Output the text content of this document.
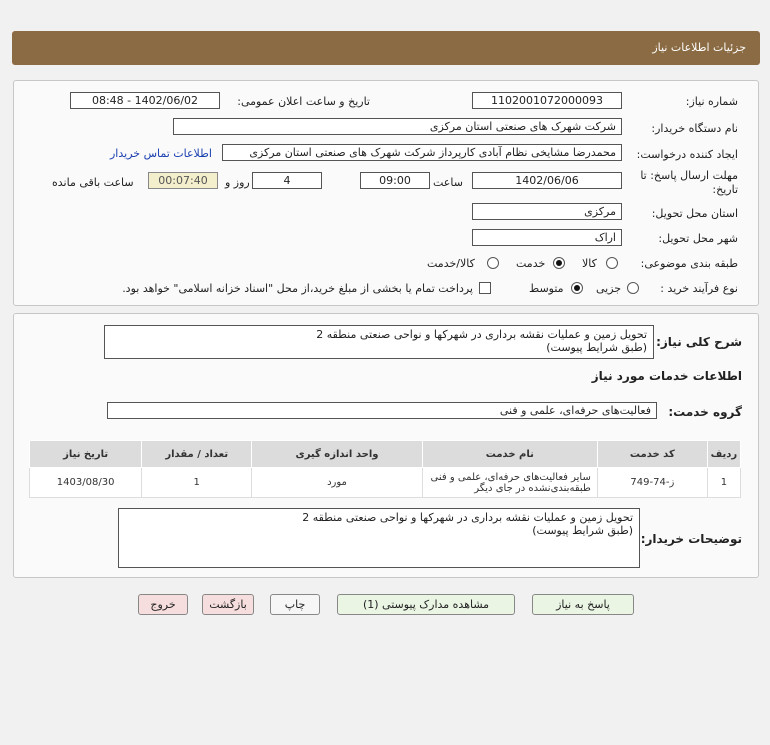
جزئیات اطلاعات نیاز
شماره نیاز:
1102001072000093
تاریخ و ساعت اعلان عمومی:
1402/06/02 - 08:48
نام دستگاه خریدار:
شرکت شهرک های صنعتی استان مرکزی
ایجاد کننده درخواست:
محمدرضا مشایخی نظام آبادی کارپرداز شرکت شهرک های صنعتی استان مرکزی
اطلاعات تماس خریدار
مهلت ارسال پاسخ: تا
تاریخ:
1402/06/06
ساعت
09:00
4
روز و
00:07:40
ساعت باقی مانده
استان محل تحویل:
مرکزی
شهر محل تحویل:
اراک
طبقه بندی موضوعی:
کالا
خدمت
کالا/خدمت
نوع فرآیند خرید :
جزیی
متوسط
پرداخت تمام یا بخشی از مبلغ خرید،از محل "اسناد خزانه اسلامی" خواهد بود.
شرح کلی نیاز:
تحویل زمین و عملیات نقشه برداری در شهرکها و نواحی صنعتی منطقه 2
(طبق شرایط پیوست)
اطلاعات خدمات مورد نیاز
گروه خدمت:
فعالیت‌های حرفه‌ای، علمی و فنی
ردیف	کد خدمت	نام خدمت	واحد اندازه گیری	تعداد / مقدار	تاریخ نیاز
1	ز-74-749	سایر فعالیت‌های حرفه‌ای، علمی و فنی طبقه‌بندی‌نشده در جای دیگر	مورد	1	1403/08/30
توضیحات خریدار:
تحویل زمین و عملیات نقشه برداری در شهرکها و نواحی صنعتی منطقه 2
(طبق شرایط پیوست)
پاسخ به نیاز
مشاهده مدارک پیوستی (1)
چاپ
بازگشت
خروج
